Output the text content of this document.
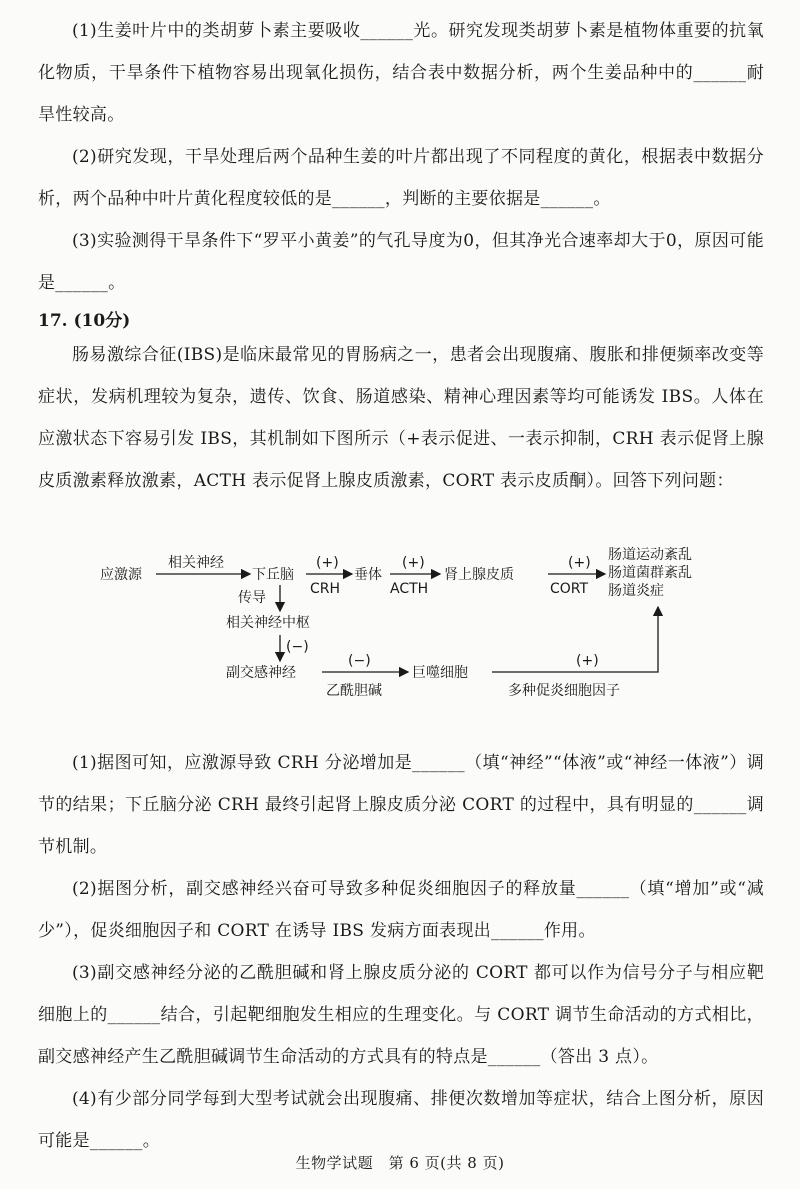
(1)生姜叶片中的类胡萝卜素主要吸收______光。研究发现类胡萝卜素是植物体重要的抗氧化物质，干旱条件下植物容易出现氧化损伤，结合表中数据分析，两个生姜品种中的______耐旱性较高。
(2)研究发现，干旱处理后两个品种生姜的叶片都出现了不同程度的黄化，根据表中数据分析，两个品种中叶片黄化程度较低的是______，判断的主要依据是______。
(3)实验测得干旱条件下“罗平小黄姜”的气孔导度为0，但其净光合速率却大于0，原因可能是______。
17. (10分)
肠易激综合征(IBS)是临床最常见的胃肠病之一，患者会出现腹痛、腹胀和排便频率改变等症状，发病机理较为复杂，遗传、饮食、肠道感染、精神心理因素等均可能诱发 IBS。人体在应激状态下容易引发 IBS，其机制如下图所示（+表示促进、一表示抑制，CRH 表示促肾上腺皮质激素释放激素，ACTH 表示促肾上腺皮质激素，CORT 表示皮质酮）。回答下列问题：
应激源
相关神经
下丘脑
(+)
CRH
垂体
(+)
ACTH
肾上腺皮质
(+)
CORT
肠道运动紊乱
肠道菌群紊乱
肠道炎症
传导
相关神经中枢
(−)
副交感神经
(−)
乙酰胆碱
巨噬细胞
(+)
多种促炎细胞因子
(1)据图可知，应激源导致 CRH 分泌增加是______（填“神经”“体液”或“神经一体液”）调节的结果；下丘脑分泌 CRH 最终引起肾上腺皮质分泌 CORT 的过程中，具有明显的______调节机制。
(2)据图分析，副交感神经兴奋可导致多种促炎细胞因子的释放量______（填“增加”或“减少”），促炎细胞因子和 CORT 在诱导 IBS 发病方面表现出______作用。
(3)副交感神经分泌的乙酰胆碱和肾上腺皮质分泌的 CORT 都可以作为信号分子与相应靶细胞上的______结合，引起靶细胞发生相应的生理变化。与 CORT 调节生命活动的方式相比，副交感神经产生乙酰胆碱调节生命活动的方式具有的特点是______（答出 3 点）。
(4)有少部分同学每到大型考试就会出现腹痛、排便次数增加等症状，结合上图分析，原因可能是______。
生物学试题　第 6 页(共 8 页)
